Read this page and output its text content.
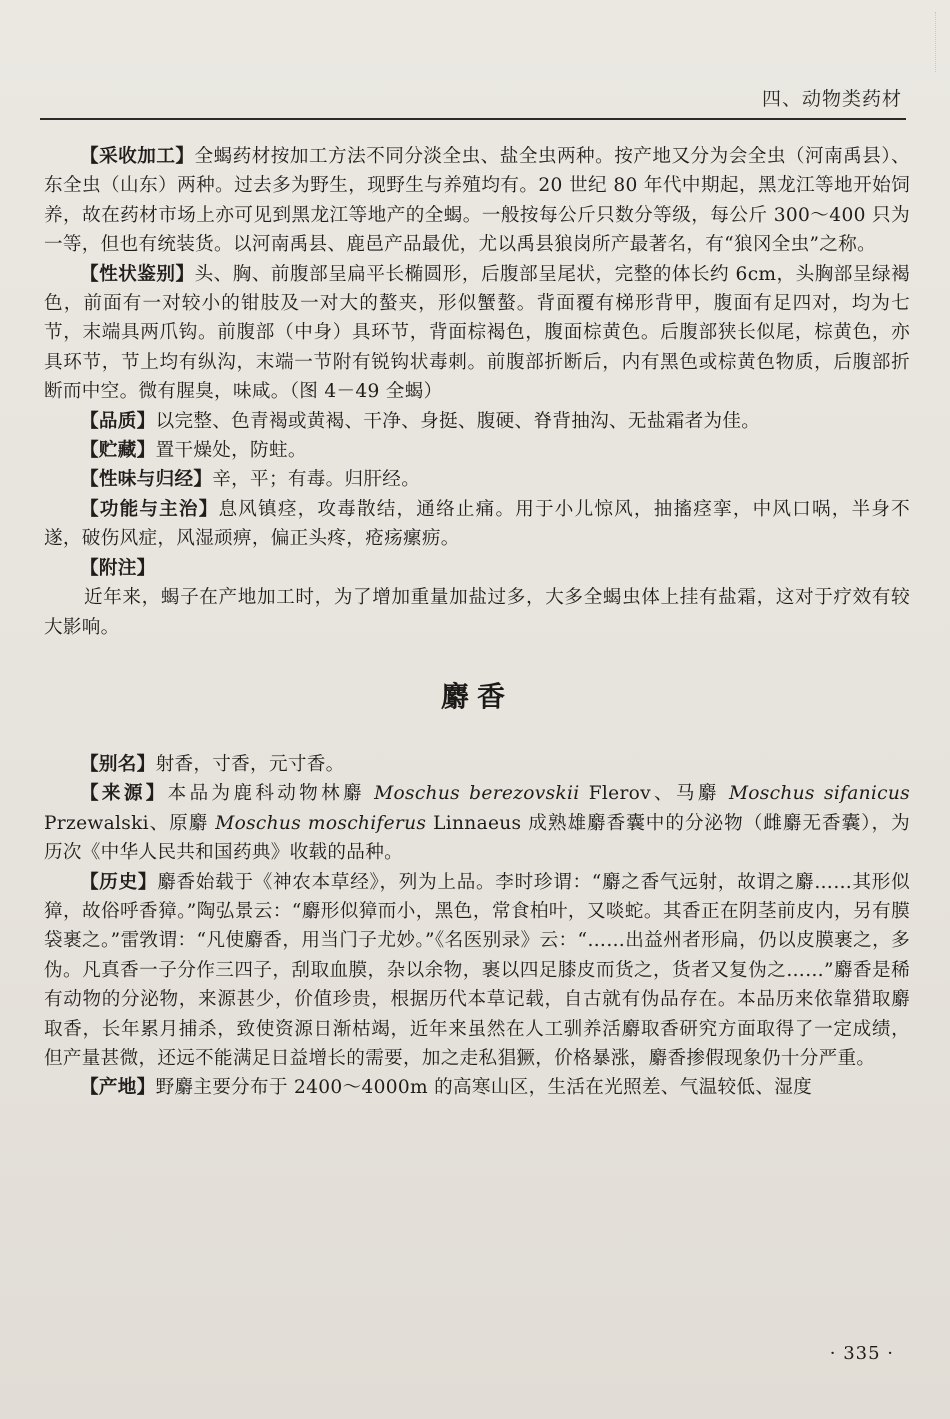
四、动物类药材

【采收加工】全蝎药材按加工方法不同分淡全虫、盐全虫两种。按产地又分为会全虫（河南禹县）、东全虫（山东）两种。过去多为野生，现野生与养殖均有。20 世纪 80 年代中期起，黑龙江等地开始饲养，故在药材市场上亦可见到黑龙江等地产的全蝎。一般按每公斤只数分等级，每公斤 300～400 只为一等，但也有统装货。以河南禹县、鹿邑产品最优，尤以禹县狼岗所产最著名，有“狼冈全虫”之称。

【性状鉴别】头、胸、前腹部呈扁平长椭圆形，后腹部呈尾状，完整的体长约 6cm，头胸部呈绿褐色，前面有一对较小的钳肢及一对大的螯夹，形似蟹螯。背面覆有梯形背甲，腹面有足四对，均为七节，末端具两爪钩。前腹部（中身）具环节，背面棕褐色，腹面棕黄色。后腹部狭长似尾，棕黄色，亦具环节，节上均有纵沟，末端一节附有锐钩状毒刺。前腹部折断后，内有黑色或棕黄色物质，后腹部折断而中空。微有腥臭，味咸。（图 4－49 全蝎）

【品质】以完整、色青褐或黄褐、干净、身挺、腹硬、脊背抽沟、无盐霜者为佳。

【贮藏】置干燥处，防蛀。

【性味与归经】辛，平；有毒。归肝经。

【功能与主治】息风镇痉，攻毒散结，通络止痛。用于小儿惊风，抽搐痉挛，中风口㖞，半身不遂，破伤风症，风湿顽痹，偏正头疼，疮疡瘰疬。

【附注】

近年来，蝎子在产地加工时，为了增加重量加盐过多，大多全蝎虫体上挂有盐霜，这对于疗效有较大影响。

麝香

【别名】射香，寸香，元寸香。

【来源】本品为鹿科动物林麝 Moschus berezovskii Flerov、马麝 Moschus sifanicus Przewalski、原麝 Moschus moschiferus Linnaeus 成熟雄麝香囊中的分泌物（雌麝无香囊），为历次《中华人民共和国药典》收载的品种。

【历史】麝香始载于《神农本草经》，列为上品。李时珍谓：“麝之香气远射，故谓之麝……其形似獐，故俗呼香獐。”陶弘景云：“麝形似獐而小，黑色，常食柏叶，又啖蛇。其香正在阴茎前皮内，另有膜袋裹之。”雷敩谓：“凡使麝香，用当门子尤妙。”《名医别录》云：“……出益州者形扁，仍以皮膜裹之，多伪。凡真香一子分作三四子，刮取血膜，杂以余物，裹以四足膝皮而货之，货者又复伪之……”麝香是稀有动物的分泌物，来源甚少，价值珍贵，根据历代本草记载，自古就有伪品存在。本品历来依靠猎取麝取香，长年累月捕杀，致使资源日渐枯竭，近年来虽然在人工驯养活麝取香研究方面取得了一定成绩，但产量甚微，还远不能满足日益增长的需要，加之走私猖獗，价格暴涨，麝香掺假现象仍十分严重。

【产地】野麝主要分布于 2400～4000m 的高寒山区，生活在光照差、气温较低、湿度

· 335 ·
